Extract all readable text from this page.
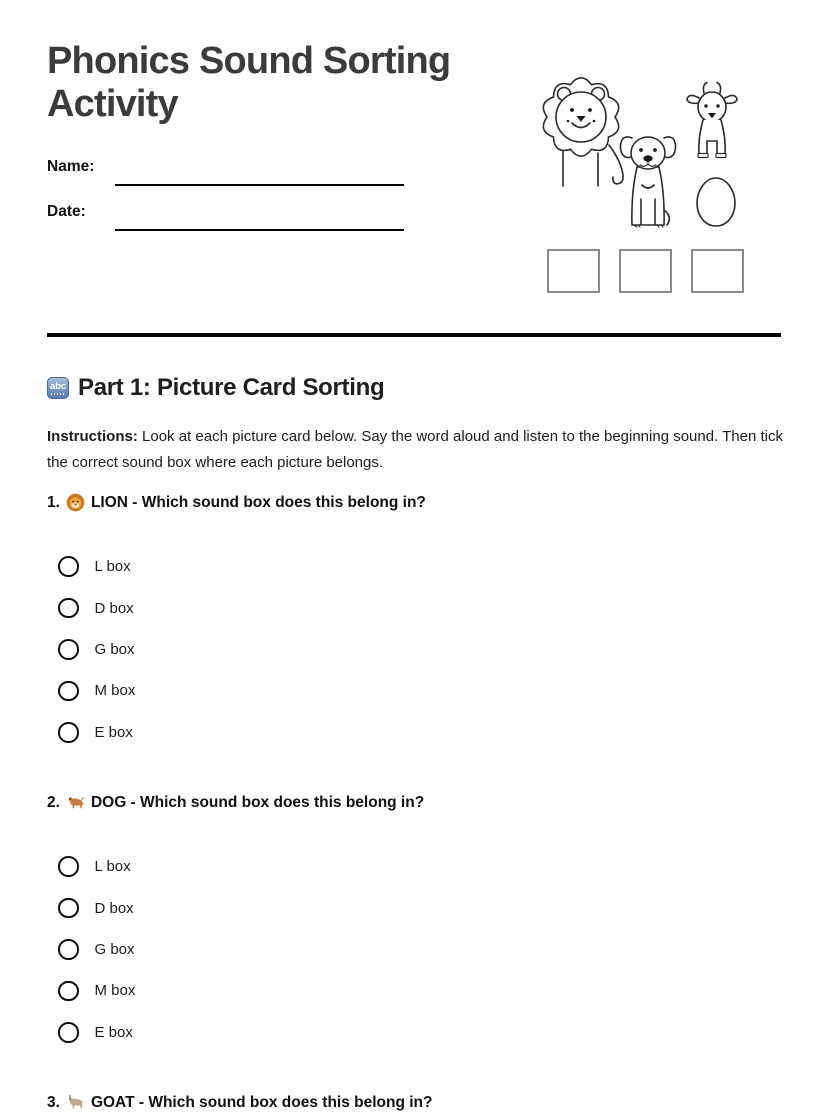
Phonics Sound Sorting Activity
Name:
Date:
abc Part 1: Picture Card Sorting

Instructions: Look at each picture card below. Say the word aloud and listen to the beginning sound. Then tick the correct sound box where each picture belongs.

1. LION - Which sound box does this belong in?
L box
D box
G box
M box
E box
2. DOG - Which sound box does this belong in?
L box
D box
G box
M box
E box
3. GOAT - Which sound box does this belong in?
